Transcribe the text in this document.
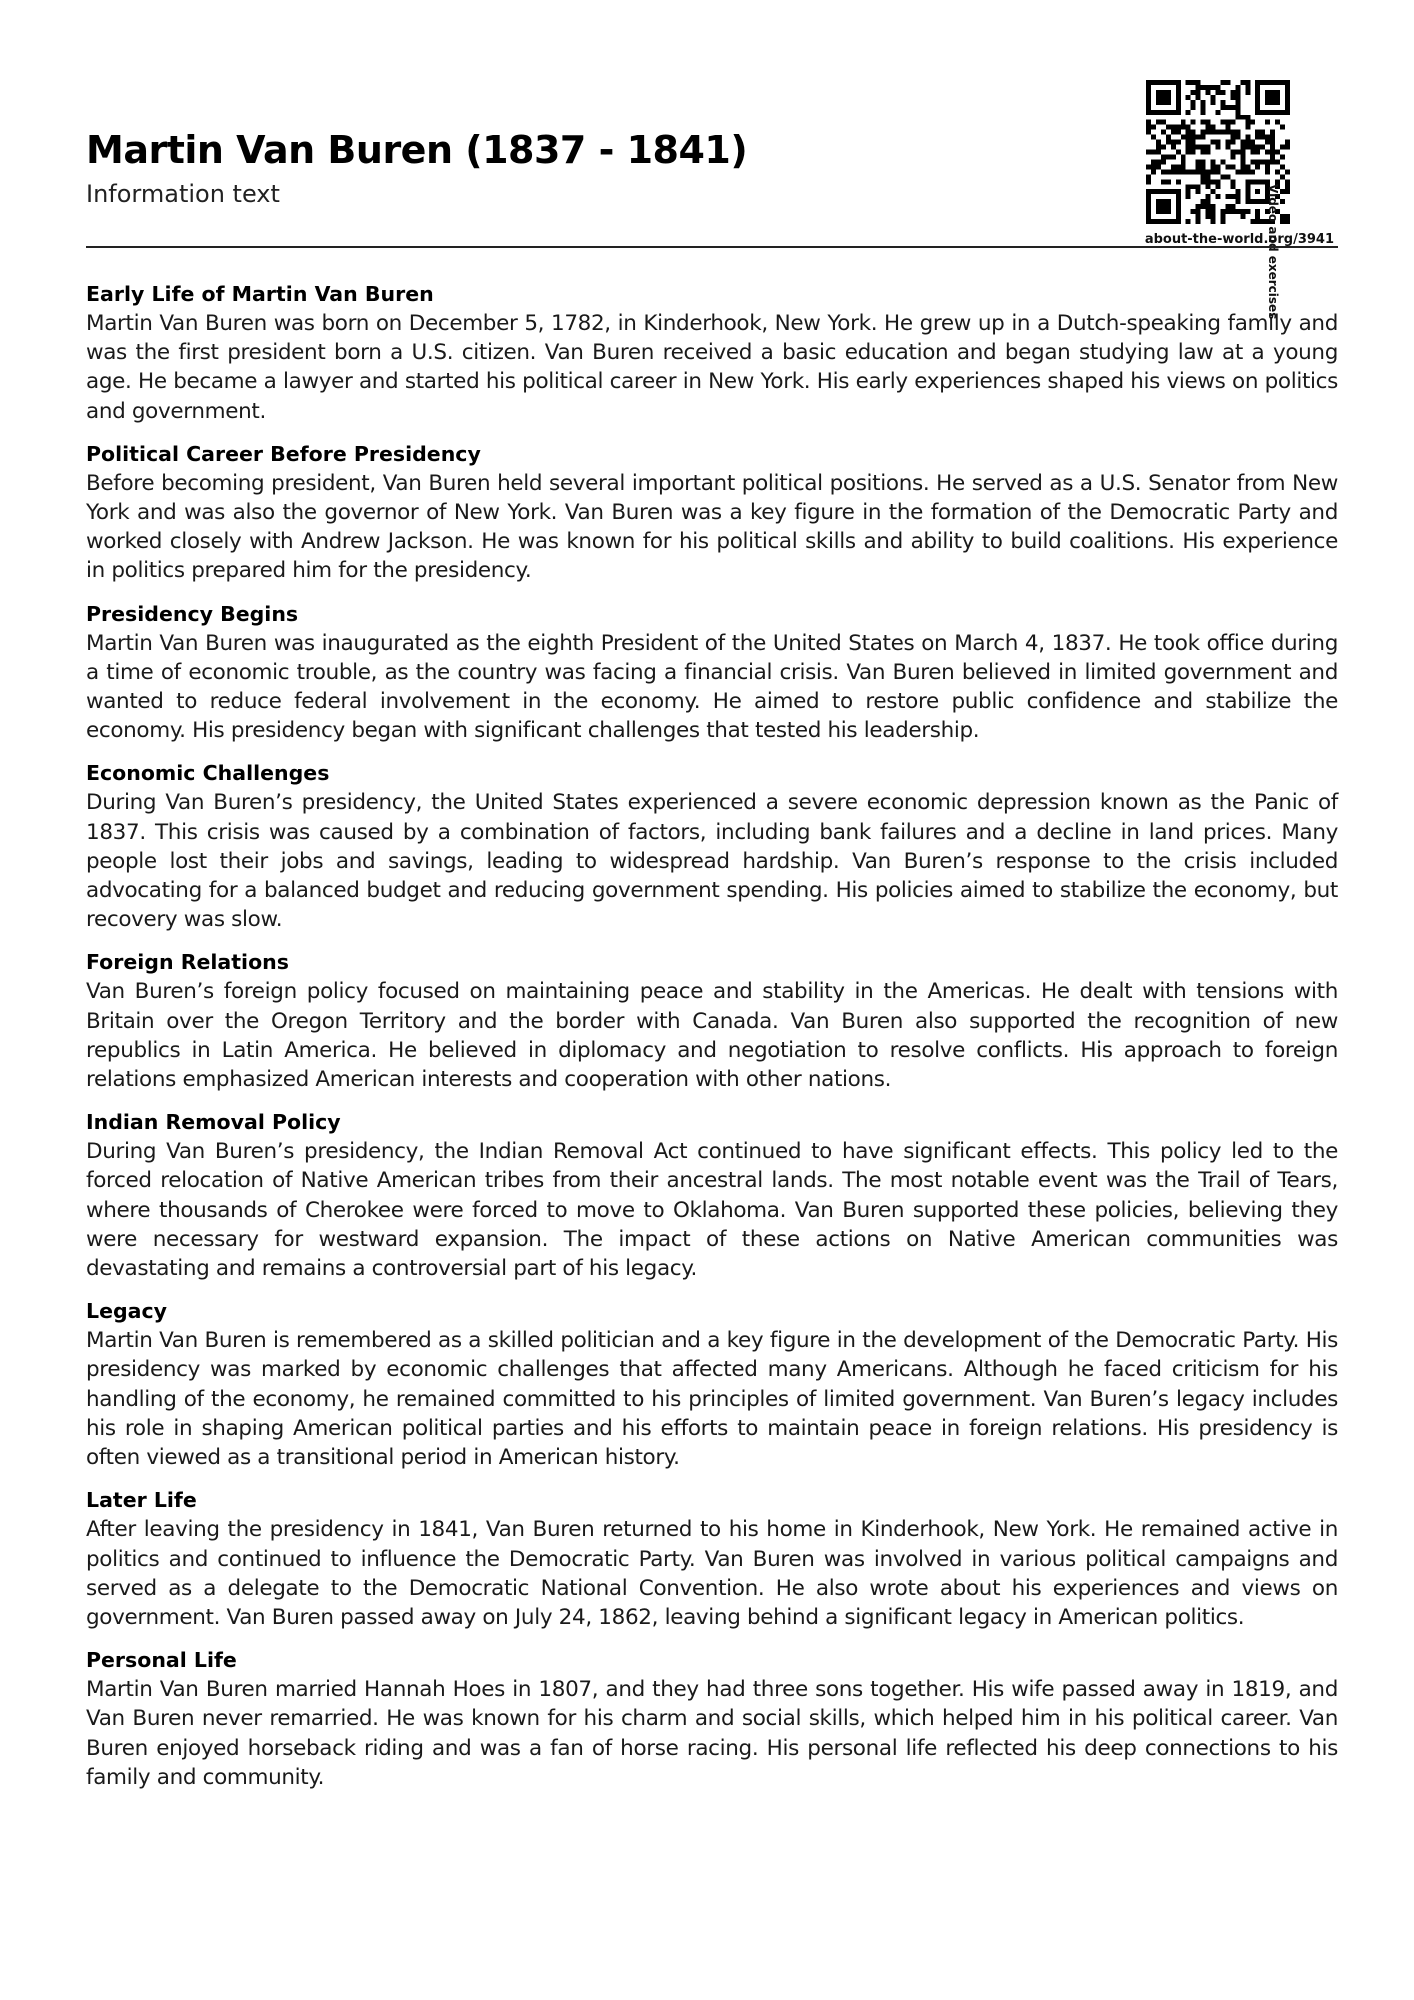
Martin Van Buren (1837 - 1841)
Information text	Video and exercises
about-the-world.org/3941
Early Life of Martin Van Buren

Martin Van Buren was born on December 5, 1782, in Kinderhook, New York. He grew up in a Dutch-speaking family and was the first president born a U.S. citizen. Van Buren received a basic education and began studying law at a young age. He became a lawyer and started his political career in New York. His early experiences shaped his views on politics and government.

Political Career Before Presidency

Before becoming president, Van Buren held several important political positions. He served as a U.S. Senator from New York and was also the governor of New York. Van Buren was a key figure in the formation of the Democratic Party and worked closely with Andrew Jackson. He was known for his political skills and ability to build coalitions. His experience in politics prepared him for the presidency.

Presidency Begins

Martin Van Buren was inaugurated as the eighth President of the United States on March 4, 1837. He took office during a time of economic trouble, as the country was facing a financial crisis. Van Buren believed in limited government and wanted to reduce federal involvement in the economy. He aimed to restore public confidence and stabilize the economy. His presidency began with significant challenges that tested his leadership.

Economic Challenges

During Van Buren’s presidency, the United States experienced a severe economic depression known as the Panic of 1837. This crisis was caused by a combination of factors, including bank failures and a decline in land prices. Many people lost their jobs and savings, leading to widespread hardship. Van Buren’s response to the crisis included advocating for a balanced budget and reducing government spending. His policies aimed to stabilize the economy, but recovery was slow.

Foreign Relations

Van Buren’s foreign policy focused on maintaining peace and stability in the Americas. He dealt with tensions with Britain over the Oregon Territory and the border with Canada. Van Buren also supported the recognition of new republics in Latin America. He believed in diplomacy and negotiation to resolve conflicts. His approach to foreign relations emphasized American interests and cooperation with other nations.

Indian Removal Policy

During Van Buren’s presidency, the Indian Removal Act continued to have significant effects. This policy led to the forced relocation of Native American tribes from their ancestral lands. The most notable event was the Trail of Tears, where thousands of Cherokee were forced to move to Oklahoma. Van Buren supported these policies, believing they were necessary for westward expansion. The impact of these actions on Native American communities was devastating and remains a controversial part of his legacy.

Legacy

Martin Van Buren is remembered as a skilled politician and a key figure in the development of the Democratic Party. His presidency was marked by economic challenges that affected many Americans. Although he faced criticism for his handling of the economy, he remained committed to his principles of limited government. Van Buren’s legacy includes his role in shaping American political parties and his efforts to maintain peace in foreign relations. His presidency is often viewed as a transitional period in American history.

Later Life

After leaving the presidency in 1841, Van Buren returned to his home in Kinderhook, New York. He remained active in politics and continued to influence the Democratic Party. Van Buren was involved in various political campaigns and served as a delegate to the Democratic National Convention. He also wrote about his experiences and views on government. Van Buren passed away on July 24, 1862, leaving behind a significant legacy in American politics.

Personal Life

Martin Van Buren married Hannah Hoes in 1807, and they had three sons together. His wife passed away in 1819, and Van Buren never remarried. He was known for his charm and social skills, which helped him in his political career. Van Buren enjoyed horseback riding and was a fan of horse racing. His personal life reflected his deep connections to his family and community.
